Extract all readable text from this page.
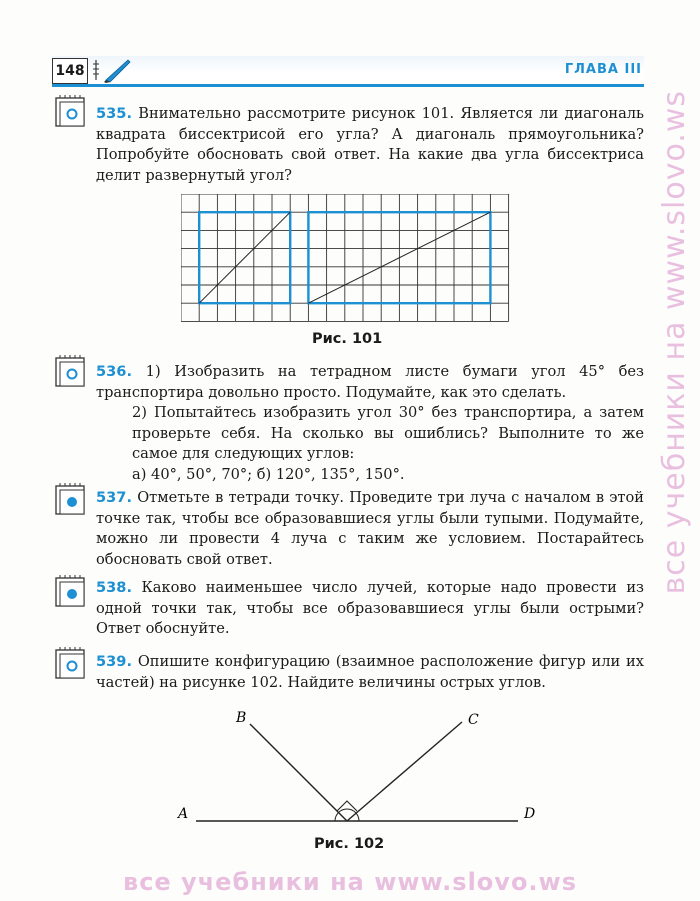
148	ГЛАВА III
535. Внимательно рассмотрите рисунок 101. Является ли диагональ квадрата биссектрисой его угла? А диагональ прямоугольника? Попробуйте обосновать свой ответ. На какие два угла биссектриса делит развернутый угол?
Рис. 101
536. 1) Изобразить на тетрадном листе бумаги угол 45° без транспортира довольно просто. Подумайте, как это сделать.
2) Попытайтесь изобразить угол 30° без транспортира, а затем проверьте себя. На сколько вы ошиблись? Выполните то же самое для следующих углов:
а) 40°, 50°, 70°; б) 120°, 135°, 150°.
537. Отметьте в тетради точку. Проведите три луча с началом в этой точке так, чтобы все образовавшиеся углы были тупыми. Подумайте, можно ли провести 4 луча с таким же условием. Постарайтесь обосновать свой ответ.
538. Каково наименьшее число лучей, которые надо провести из одной точки так, чтобы все образовавшиеся углы были острыми? Ответ обоснуйте.
539. Опишите конфигурацию (взаимное расположение фигур или их частей) на рисунке 102. Найдите величины острых углов.
A
B	C
D
Рис. 102
все учебники на www.slovo.ws
все учебники на www.slovo.ws
